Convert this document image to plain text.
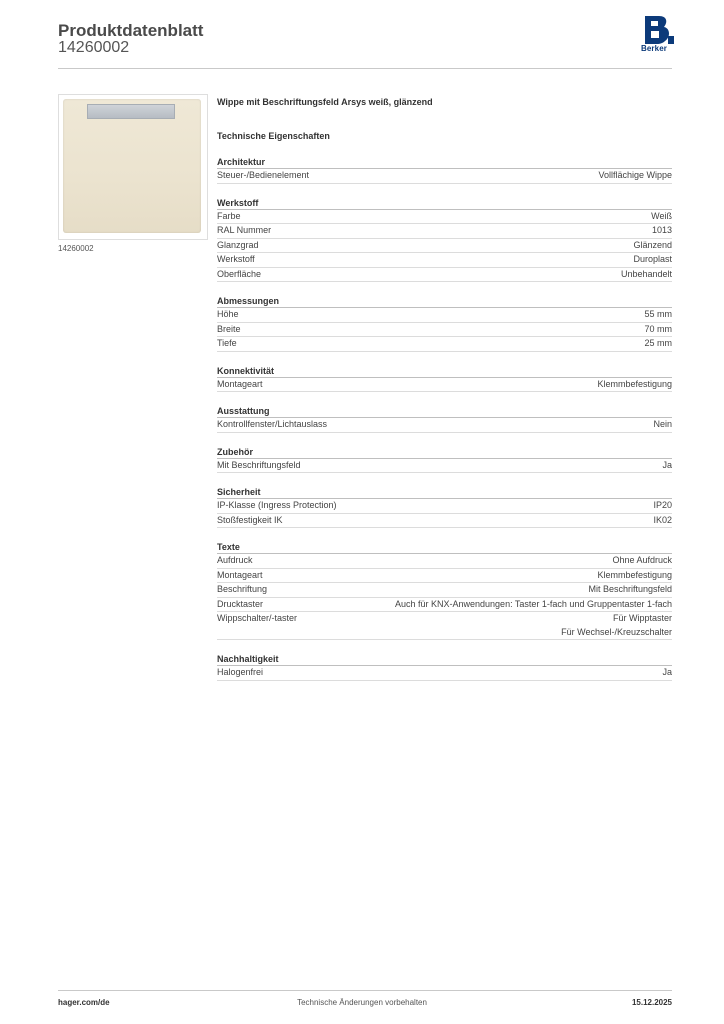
Produktdatenblatt
14260002	Berker
14260002
Wippe mit Beschriftungsfeld Arsys weiß, glänzend
Technische Eigenschaften
Architektur
Steuer-/Bedienelement	Vollflächige Wippe
Werkstoff
Farbe	Weiß
RAL Nummer	1013
Glanzgrad	Glänzend
Werkstoff	Duroplast
Oberfläche	Unbehandelt
Abmessungen
Höhe	55 mm
Breite	70 mm
Tiefe	25 mm
Konnektivität
Montageart	Klemmbefestigung
Ausstattung
Kontrollfenster/Lichtauslass	Nein
Zubehör
Mit Beschriftungsfeld	Ja
Sicherheit
IP-Klasse (Ingress Protection)	IP20
Stoßfestigkeit IK	IK02
Texte
Aufdruck	Ohne Aufdruck
Montageart	Klemmbefestigung
Beschriftung	Mit Beschriftungsfeld
Drucktaster	Auch für KNX-Anwendungen: Taster 1-fach und Gruppentaster 1-fach
Wippschalter/-taster	Für Wipptaster
Für Wechsel-/Kreuzschalter
Nachhaltigkeit
Halogenfrei	Ja
hager.com/de	Technische Änderungen vorbehalten	15.12.2025
